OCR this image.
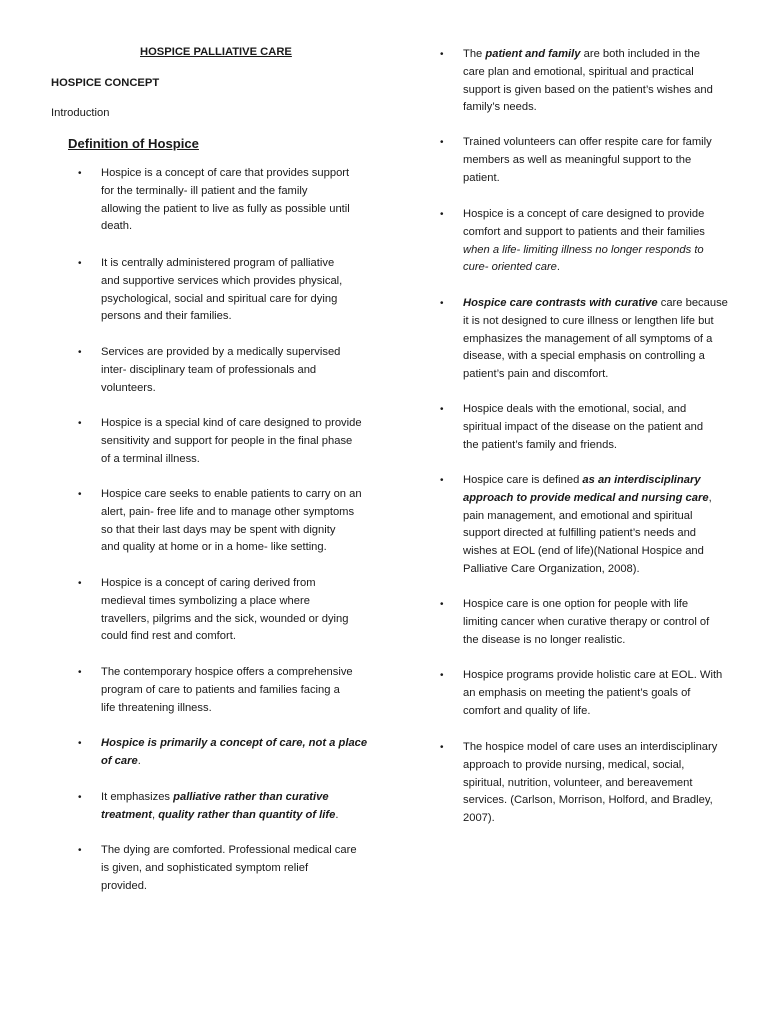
HOSPICE PALLIATIVE CARE
HOSPICE CONCEPT

Introduction

Definition of Hospice
•	Hospice is a concept of care that provides support
for the terminally- ill patient and the family
allowing the patient to live as fully as possible until
death.
•	It is centrally administered program of palliative
and supportive services which provides physical,
psychological, social and spiritual care for dying
persons and their families.
•	Services are provided by a medically supervised
inter- disciplinary team of professionals and
volunteers.
•	Hospice is a special kind of care designed to provide
sensitivity and support for people in the final phase
of a terminal illness.
•	Hospice care seeks to enable patients to carry on an
alert, pain- free life and to manage other symptoms
so that their last days may be spent with dignity
and quality at home or in a home- like setting.
•	Hospice is a concept of caring derived from
medieval times symbolizing a place where
travellers, pilgrims and the sick, wounded or dying
could find rest and comfort.
•	The contemporary hospice offers a comprehensive
program of care to patients and families facing a
life threatening illness.
•	Hospice is primarily a concept of care, not a place
of care.
•	It emphasizes palliative rather than curative
treatment, quality rather than quantity of life.
•	The dying are comforted. Professional medical care
is given, and sophisticated symptom relief
provided.
•	The patient and family are both included in the
care plan and emotional, spiritual and practical
support is given based on the patient’s wishes and
family’s needs.
•	Trained volunteers can offer respite care for family
members as well as meaningful support to the
patient.
•	Hospice is a concept of care designed to provide
comfort and support to patients and their families
when a life- limiting illness no longer responds to
cure- oriented care.
•	Hospice care contrasts with curative care because
it is not designed to cure illness or lengthen life but
emphasizes the management of all symptoms of a
disease, with a special emphasis on controlling a
patient’s pain and discomfort.
•	Hospice deals with the emotional, social, and
spiritual impact of the disease on the patient and
the patient’s family and friends.
•	Hospice care is defined as an interdisciplinary
approach to provide medical and nursing care,
pain management, and emotional and spiritual
support directed at fulfilling patient’s needs and
wishes at EOL (end of life)(National Hospice and
Palliative Care Organization, 2008).
•	Hospice care is one option for people with life
limiting cancer when curative therapy or control of
the disease is no longer realistic.
•	Hospice programs provide holistic care at EOL. With
an emphasis on meeting the patient’s goals of
comfort and quality of life.
•	The hospice model of care uses an interdisciplinary
approach to provide nursing, medical, social,
spiritual, nutrition, volunteer, and bereavement
services. (Carlson, Morrison, Holford, and Bradley,
2007).
